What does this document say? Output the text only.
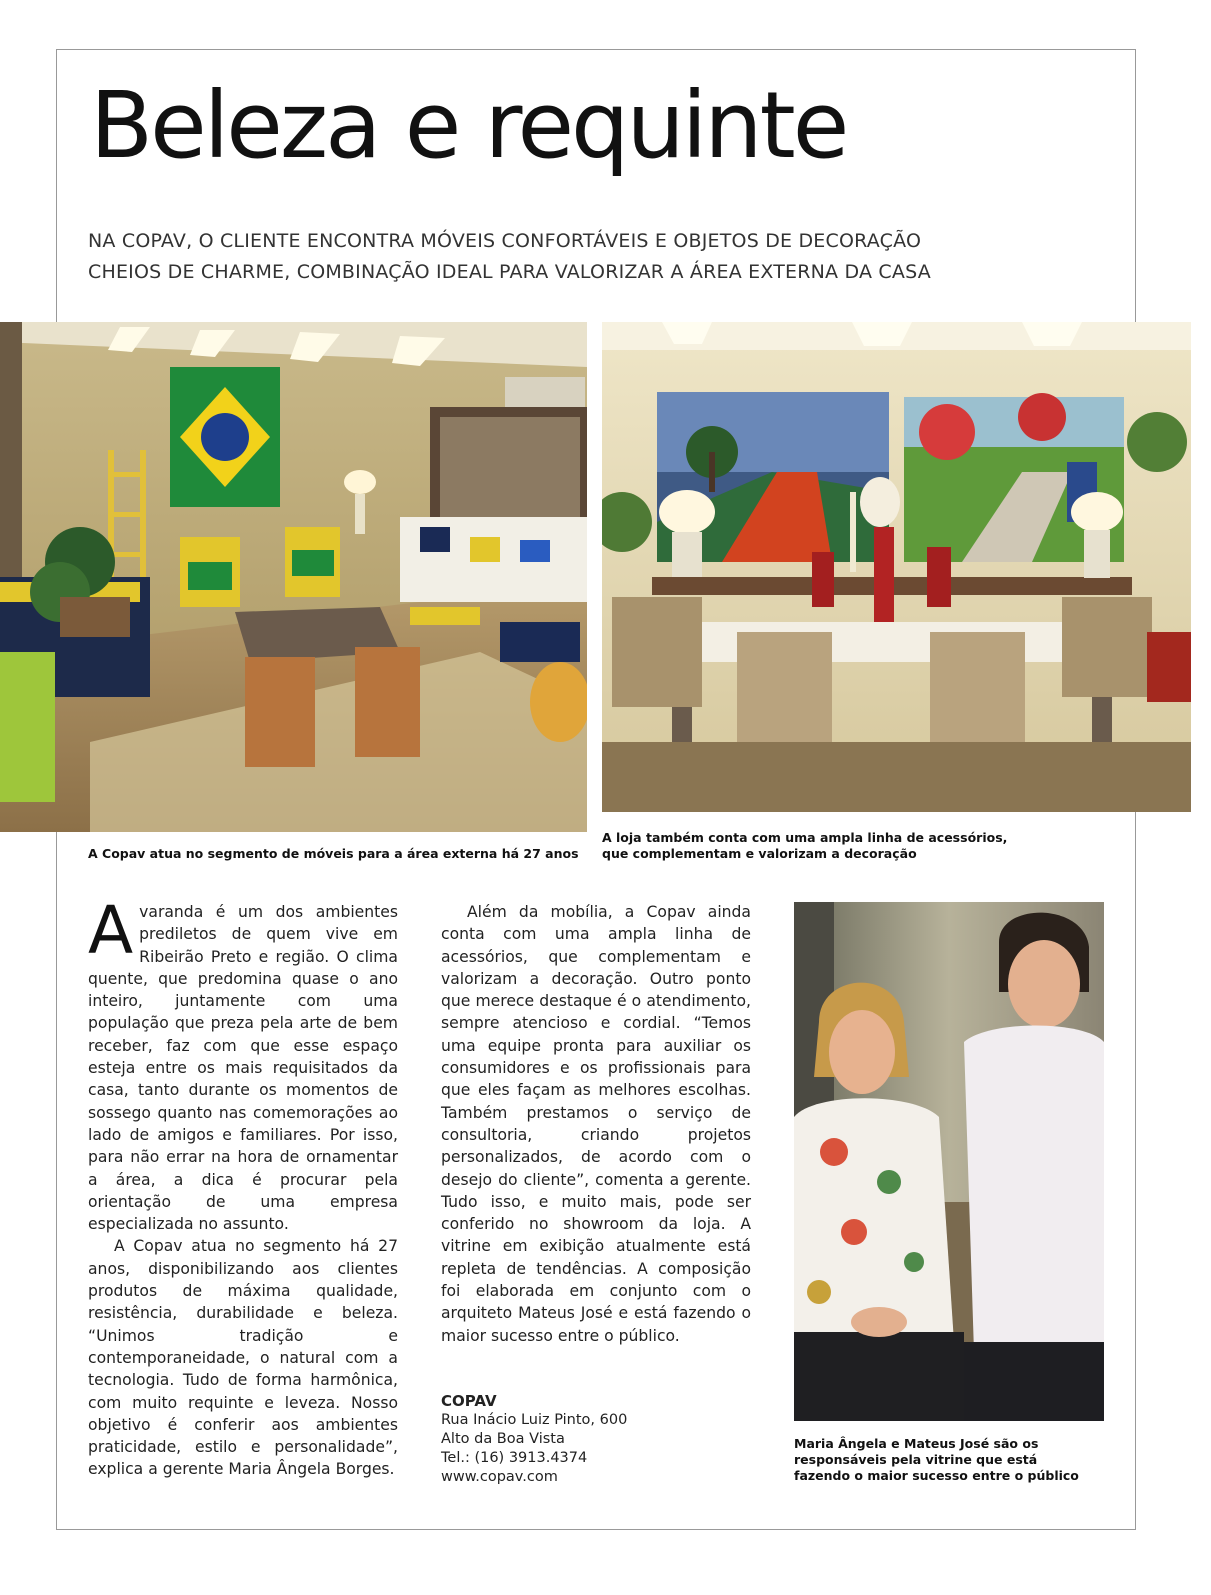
Beleza e requinte
NA COPAV, O CLIENTE ENCONTRA MÓVEIS CONFORTÁVEIS E OBJETOS DE DECORAÇÃO
CHEIOS DE CHARME, COMBINAÇÃO IDEAL PARA VALORIZAR A ÁREA EXTERNA DA CASA
A Copav atua no segmento de móveis para a área externa há 27 anos
A loja também conta com uma ampla linha de acessórios,
que complementam e valorizam a decoração

Avaranda é um dos ambientes prediletos de quem vive em Ribeirão Preto e região. O clima quente, que predomina quase o ano inteiro, juntamente com uma população que preza pela arte de bem receber, faz com que esse espaço esteja entre os mais requisitados da casa, tanto durante os momentos de sossego quanto nas comemorações ao lado de amigos e familiares. Por isso, para não errar na hora de ornamentar a área, a dica é procurar pela orientação de uma empresa especializada no assunto.

A Copav atua no segmento há 27 anos, disponibilizando aos clientes produtos de máxima qualidade, resistência, durabilidade e beleza. “Unimos tradição e contemporaneidade, o natural com a tecnologia. Tudo de forma harmônica, com muito requinte e leveza. Nosso objetivo é conferir aos ambientes praticidade, estilo e personalidade”, explica a gerente Maria Ângela Borges.

Além da mobília, a Copav ainda conta com uma ampla linha de acessórios, que complementam e valorizam a decoração. Outro ponto que merece destaque é o atendimento, sempre atencioso e cordial. “Temos uma equipe pronta para auxiliar os consumidores e os profissionais para que eles façam as melhores escolhas. Também prestamos o serviço de consultoria, criando projetos personalizados, de acordo com o desejo do cliente”, comenta a gerente. Tudo isso, e muito mais, pode ser conferido no showroom da loja. A vitrine em exibição atualmente está repleta de tendências. A composição foi elaborada em conjunto com o arquiteto Mateus José e está fazendo o maior sucesso entre o público.

COPAV
Rua Inácio Luiz Pinto, 600
Alto da Boa Vista
Tel.: (16) 3913.4374
www.copav.com
Maria Ângela e Mateus José são os
responsáveis pela vitrine que está
fazendo o maior sucesso entre o público
